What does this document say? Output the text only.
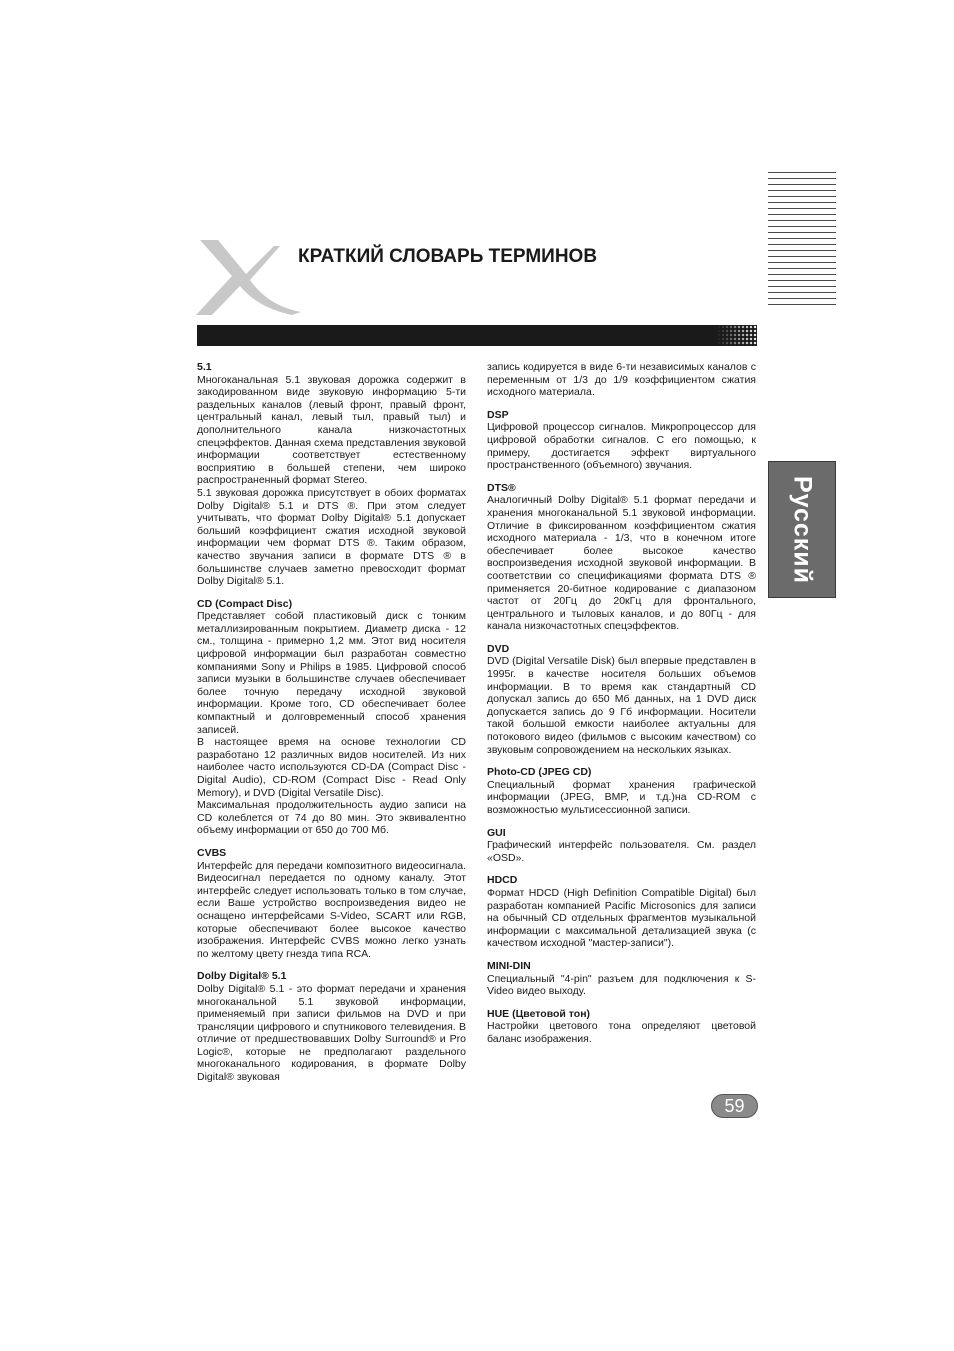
КРАТКИЙ СЛОВАРЬ ТЕРМИНОВ
Русский
5.1
Многоканальная 5.1 звуковая дорожка содержит в закодированном виде звуковую информацию 5-ти раздельных каналов (левый фронт, правый фронт, центральный канал, левый тыл, правый тыл) и дополнительного канала низкочастотных спецэффектов. Данная схема представления звуковой информации соответствует естественному восприятию в большей степени, чем широко распространенный формат Stereo.
5.1 звуковая дорожка присутствует в обоих форматах Dolby Digital® 5.1 и DTS ®. При этом следует учитывать, что формат Dolby Digital® 5.1 допускает больший коэффициент сжатия исходной звуковой информации чем формат DTS ®. Таким образом, качество звучания записи в формате DTS ® в большинстве случаев заметно превосходит формат Dolby Digital® 5.1.
CD (Compact Disc)
Представляет собой пластиковый диск с тонким металлизированным покрытием. Диаметр диска - 12 см., толщина - примерно 1,2 мм. Этот вид носителя цифровой информации был разработан совместно компаниями Sony и Philips в 1985. Цифровой способ записи музыки в большинстве случаев обеспечивает более точную передачу исходной звуковой информации. Кроме того, CD обеспечивает более компактный и долговременный способ хранения записей.
В настоящее время на основе технологии CD разработано 12 различных видов носителей. Из них наиболее часто используются CD-DA (Compact Disc - Digital Audio), CD-ROM (Compact Disc - Read Only Memory), и DVD (Digital Versatile Disc).
Максимальная продолжительность аудио записи на CD колеблется от 74 до 80 мин. Это эквивалентно объему информации от 650 до 700 Мб.
CVBS
Интерфейс для передачи композитного видеосигнала. Видеосигнал передается по одному каналу. Этот интерфейс следует использовать только в том случае, если Ваше устройство воспроизведения видео не оснащено интерфейсами S-Video, SCART или RGB, которые обеспечивают более высокое качество изображения. Интерфейс CVBS можно легко узнать по желтому цвету гнезда типа RCA.
Dolby Digital® 5.1
Dolby Digital® 5.1 - это формат передачи и хранения многоканальной 5.1 звуковой информации, применяемый при записи фильмов на DVD и при трансляции цифрового и спутникового телевидения. В отличие от предшествовавших Dolby Surround® и Pro Logic®, которые не предполагают раздельного многоканального кодирования, в формате Dolby Digital® звуковая
запись кодируется в виде 6-ти независимых каналов с переменным от 1/3 до 1/9 коэффициентом сжатия исходного материала.
DSP
Цифровой процессор сигналов. Микропроцессор для цифровой обработки сигналов. С его помощью, к примеру, достигается эффект виртуального пространственного (объемного) звучания.
DTS®
Аналогичный Dolby Digital® 5.1 формат передачи и хранения многоканальной 5.1 звуковой информации. Отличие в фиксированном коэффициентом сжатия исходного материала - 1/3, что в конечном итоге обеспечивает более высокое качество воспроизведения исходной звуковой информации. В соответствии со спецификациями формата DTS ® применяется 20-битное кодирование с диапазоном частот от 20Гц до 20кГц для фронтального, центрального и тыловых каналов, и до 80Гц - для канала низкочастотных спецэффектов.
DVD
DVD (Digital Versatile Disk) был впервые представлен в 1995г. в качестве носителя больших объемов информации. В то время как стандартный CD допускал запись до 650 Мб данных, на 1 DVD диск допускается запись до 9 Гб информации. Носители такой большой емкости наиболее актуальны для потокового видео (фильмов с высоким качеством) со звуковым сопровождением на нескольких языках.
Photo-CD (JPEG CD)
Специальный формат хранения графической информации (JPEG, BMP, и т.д.)на CD-ROM с возможностью мультисессионной записи.
GUI
Графический интерфейс пользователя. См. раздел «OSD».
HDCD
Формат HDCD (High Definition Compatible Digital) был разработан компанией Pacific Microsonics для записи на обычный CD отдельных фрагментов музыкальной информации с максимальной детализацией звука (с качеством исходной "мастер-записи").
MINI-DIN
Специальный "4-pin" разъем для подключения к S-Video видео выходу.
HUE (Цветовой тон)
Настройки цветового тона определяют цветовой баланс изображения.
59
